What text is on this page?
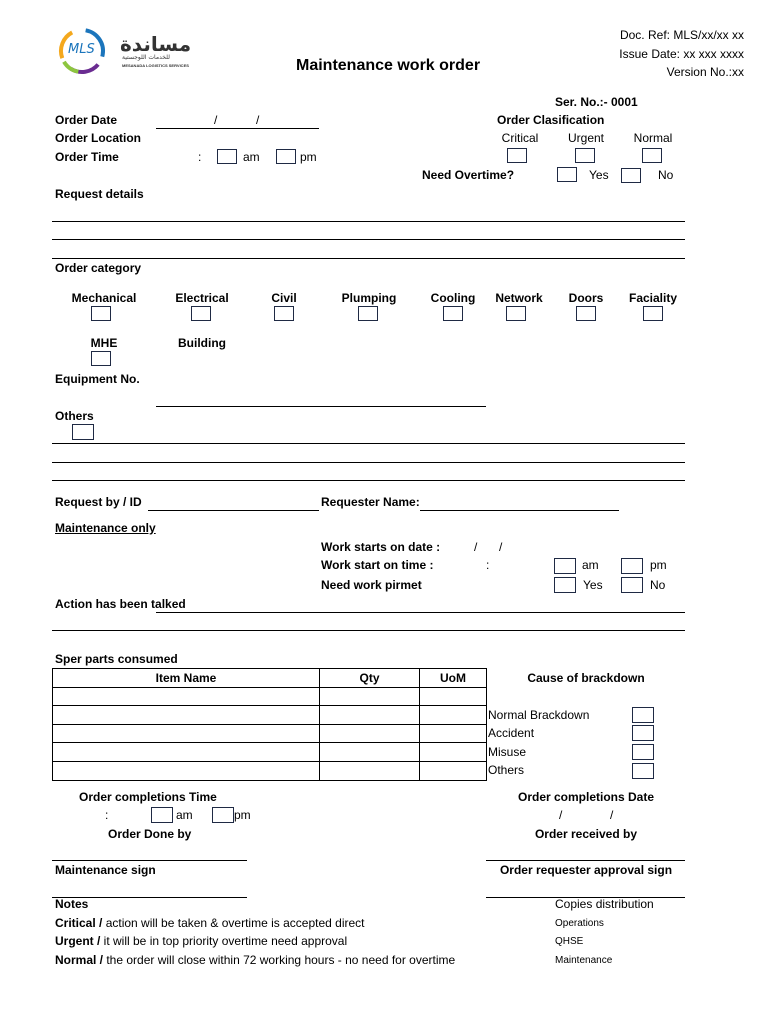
MLS مساندة
للخدمات اللوجستية
MESANADA LOGISTICS SERVICES	Maintenance work order
Doc. Ref: MLS/xx/xx xx
Issue Date: xx xxx xxxx
Version No.:xx
Ser. No.:- 0001
Order Date	/	/
Order Location
Order Time	:	am	pm
Order Clasification
Critical Urgent Normal
Need Overtime?	Yes	No
Request details
Order category
Mechanical	Electrical	Civil	Plumping	Cooling Network Doors Faciality
MHE	Building
Equipment No.
Others
Request by / ID	Requester Name:
Maintenance only
Work starts on date :	/ /
Work start on time :	:	am	pm
Need work pirmet	Yes	No
Action has been talked
Sper parts consumed
Item Name	Qty	UoM

			Cause of brackdown
Normal Brackdown
Accident
Misuse
Others
Order completions Time
:	am	pm
Order Done by
Order completions Date
/	/
Order received by
Maintenance sign	Order requester approval sign
Notes
Critical / action will be taken & overtime is accepted direct
Urgent / it will be in top priority overtime need approval
Normal / the order will close within 72 working hours - no need for overtime
Copies distribution
Operations
QHSE
Maintenance
